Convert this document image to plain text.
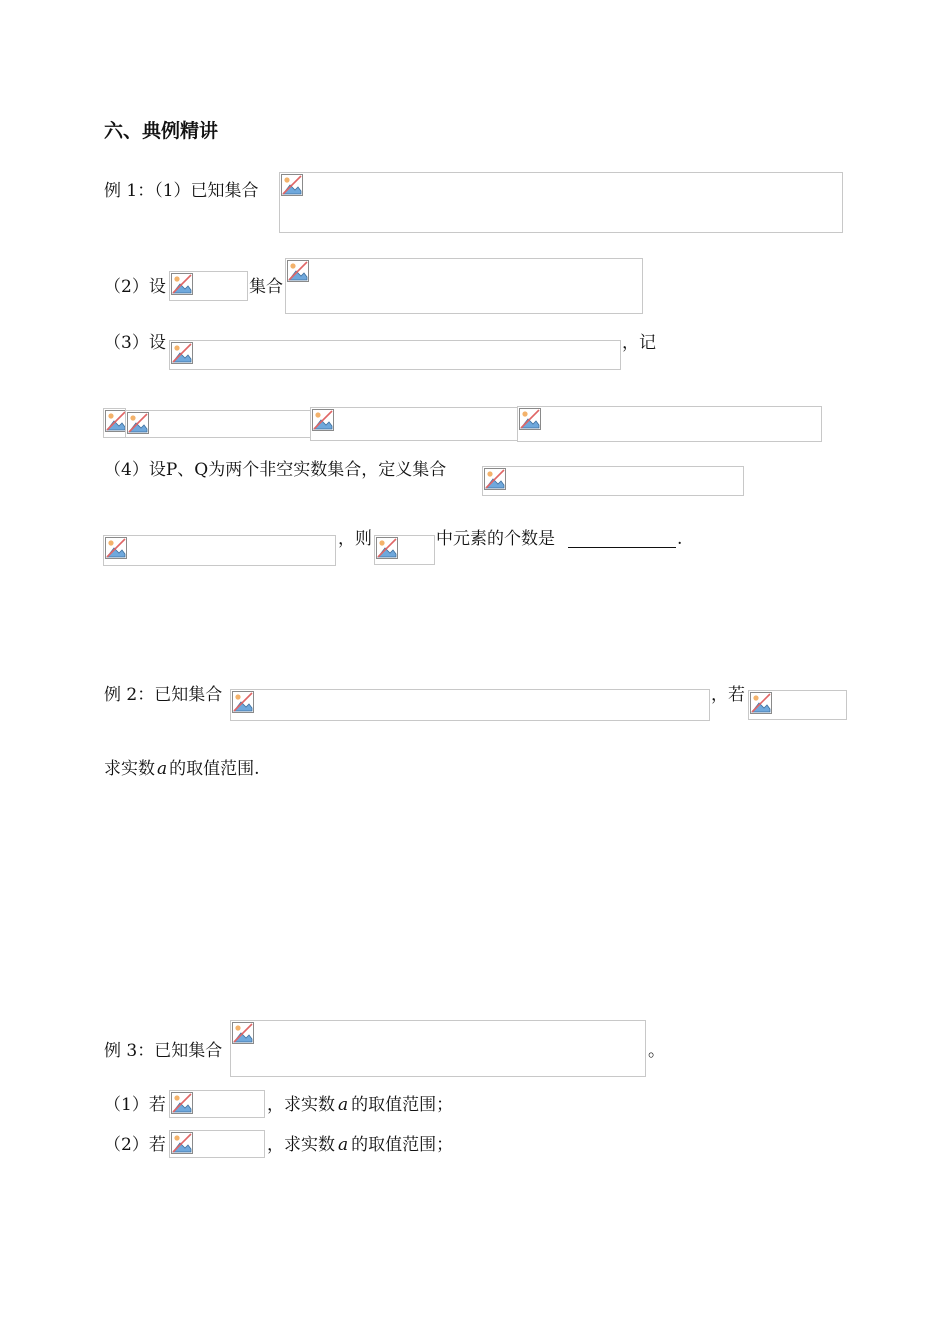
六、典例精讲
例 1：（1）已知集合
（2）设	集合
（3）设	，记
（4）设P、Q为两个非空实数集合，定义集合
，则	中元素的个数是	.
例 2：已知集合	，若
求实数 a 的取值范围.
例 3：已知集合	。
（1）若	，求实数 a 的取值范围；
（2）若	，求实数 a 的取值范围；
